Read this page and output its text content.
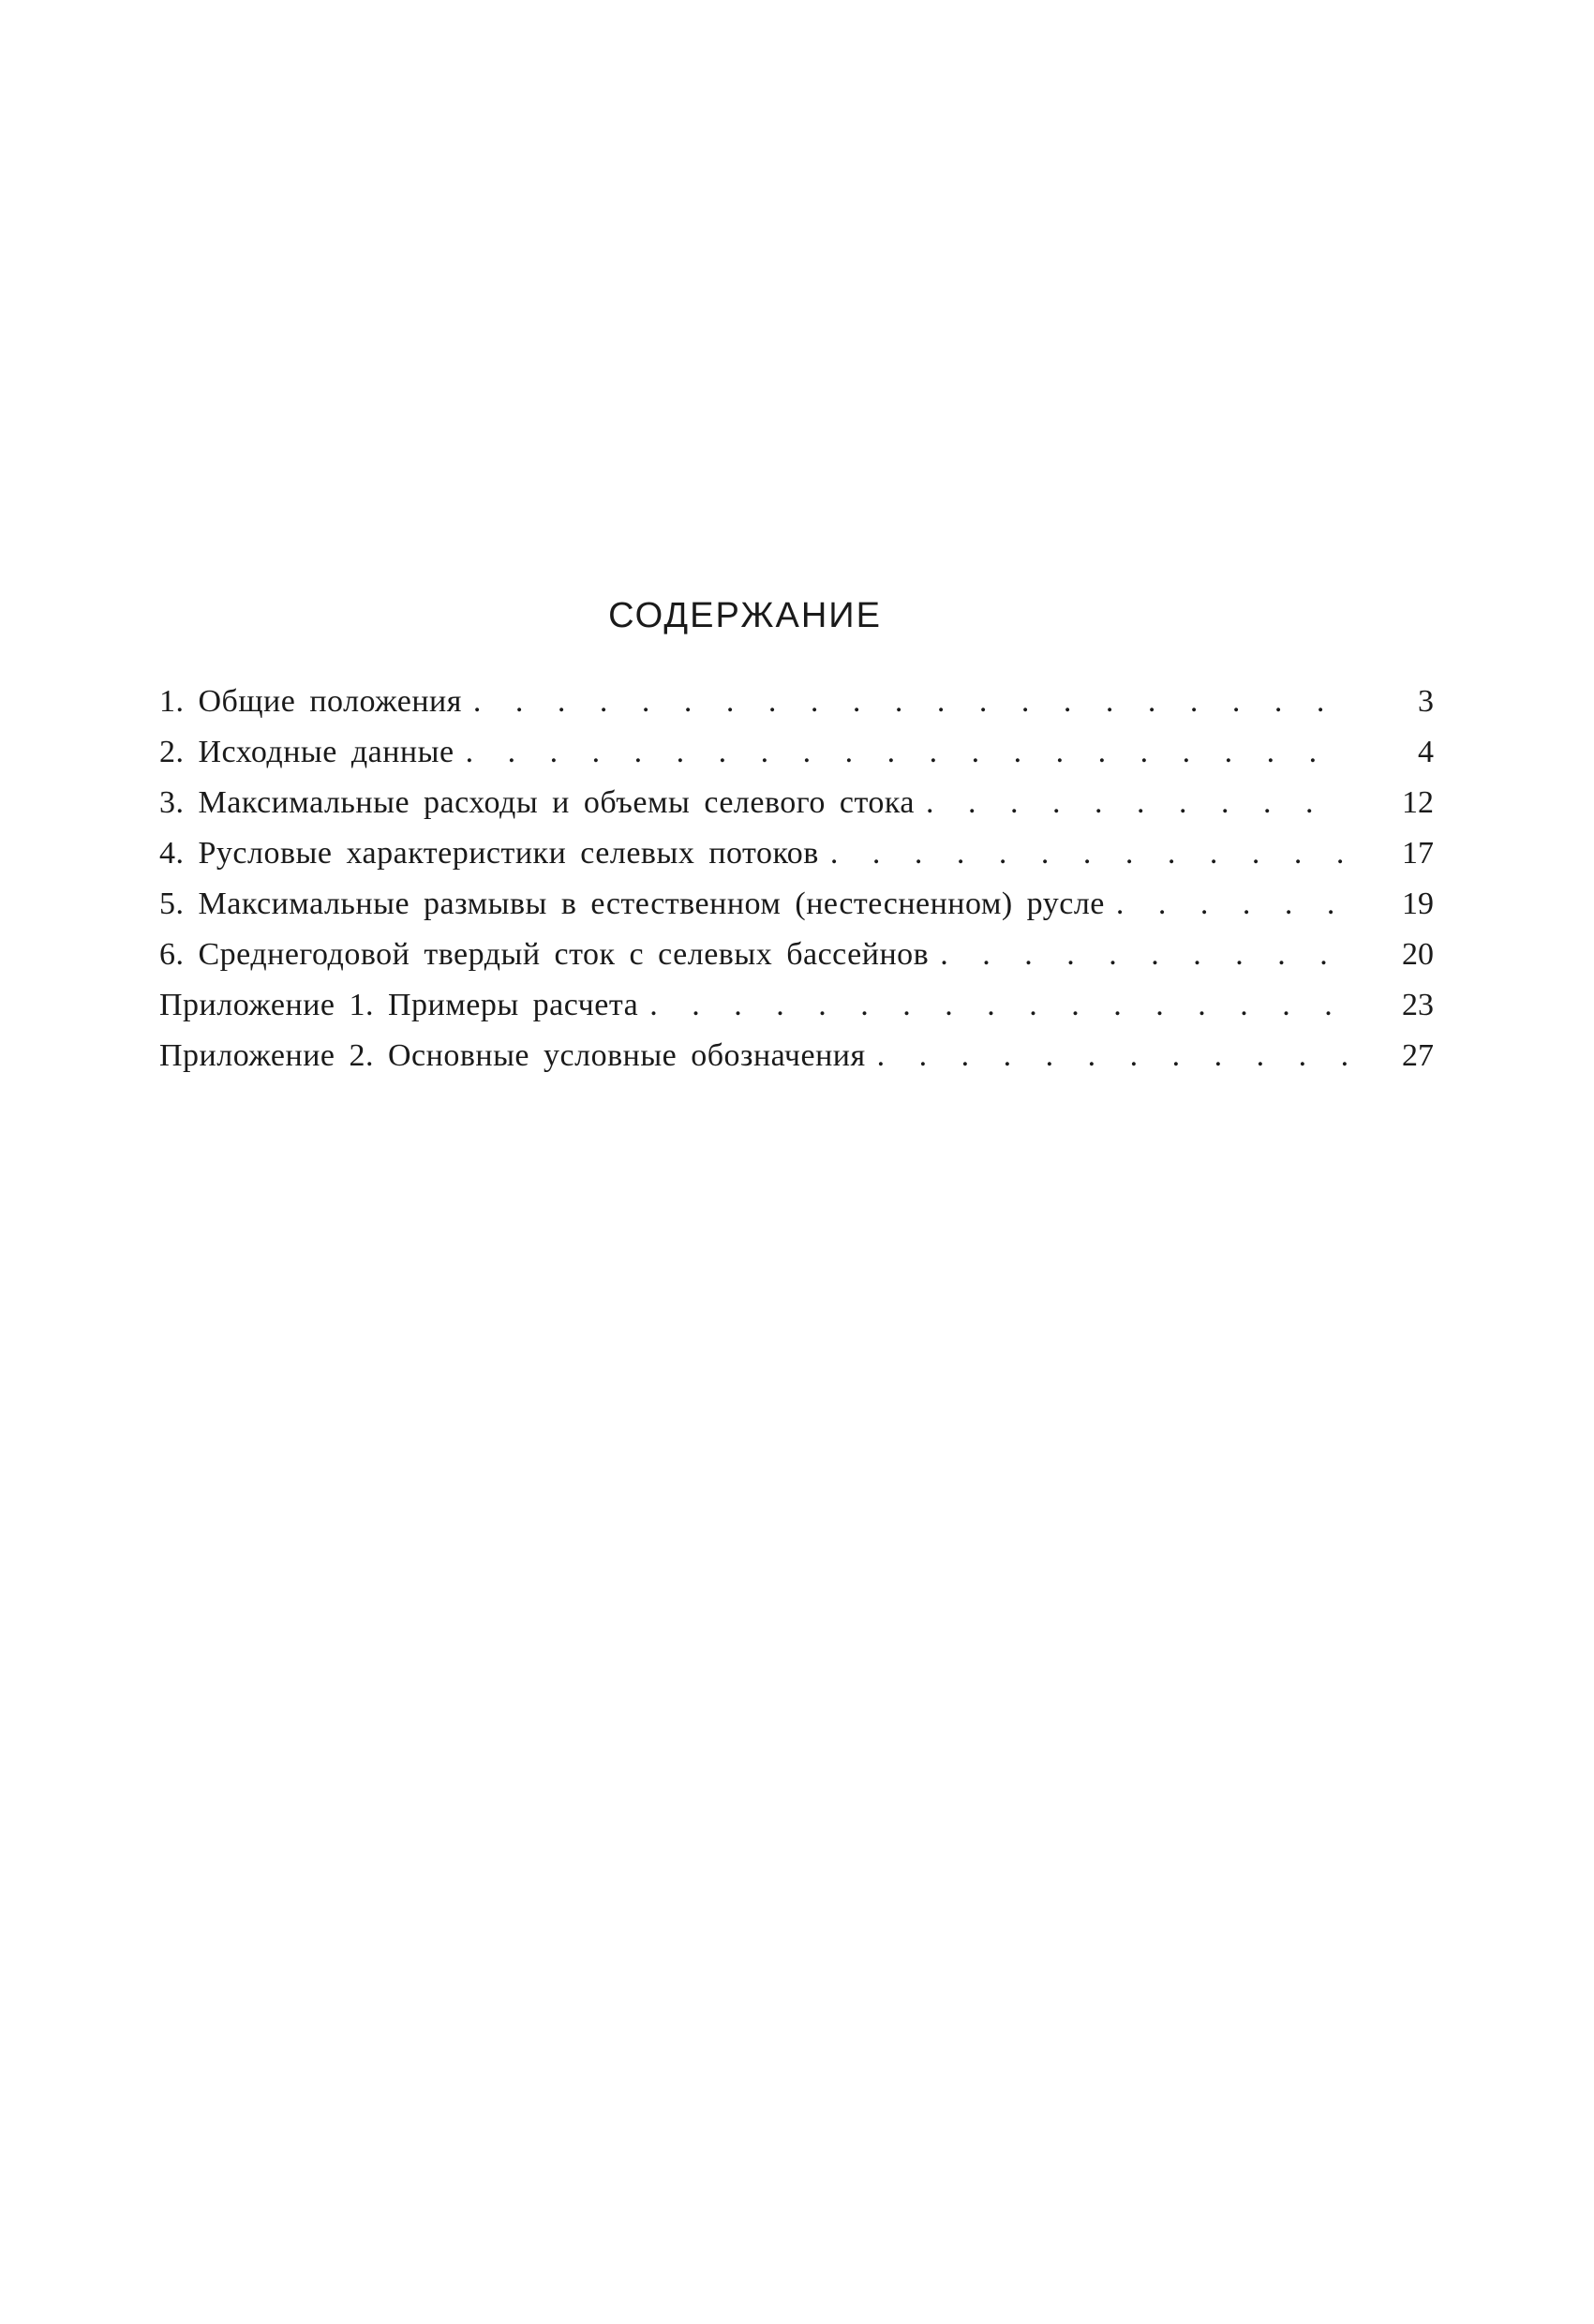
СОДЕРЖАНИЕ
1. Общие положения . . .	3
2. Исходные данные . . .	4
3. Максимальные расходы и объемы селевого стока . . .	12
4. Русловые характеристики селевых потоков . . .	17
5. Максимальные размывы в естественном (нестесненном) русле . . .	19
6. Среднегодовой твердый сток с селевых бассейнов . . .	20
Приложение 1. Примеры расчета . . .	23
Приложение 2. Основные условные обозначения . . .	27
